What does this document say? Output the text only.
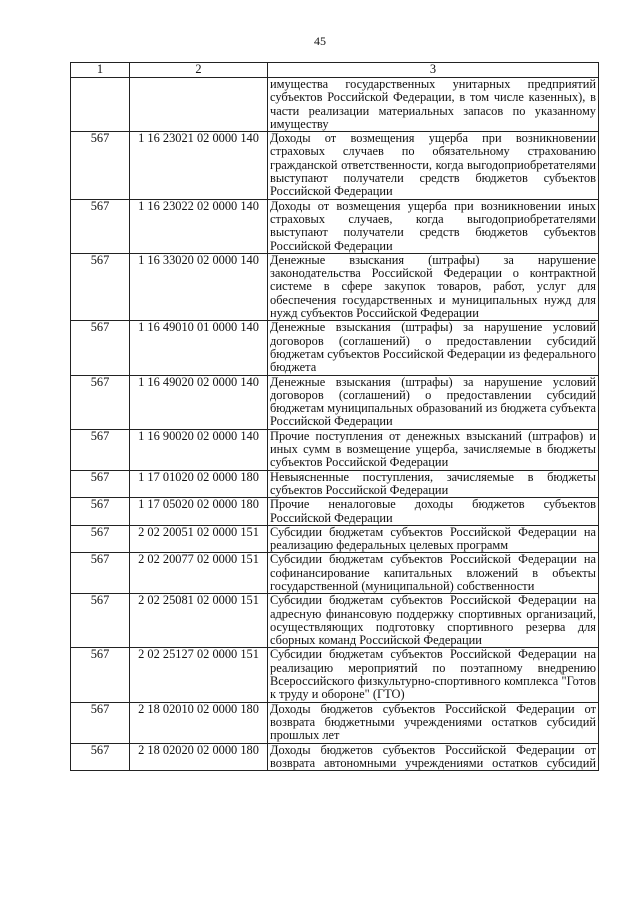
45
1	2	3
		имущества государственных унитарных предприятий субъектов Российской Федерации, в том числе казенных), в части реализации материальных запасов по указанному имуществу
567	1 16 23021 02 0000 140	Доходы от возмещения ущерба при возникновении страховых случаев по обязательному страхованию гражданской ответственности, когда выгодоприобретателями выступают получатели средств бюджетов субъектов Российской Федерации
567	1 16 23022 02 0000 140	Доходы от возмещения ущерба при возникновении иных страховых случаев, когда выгодоприобретателями выступают получатели средств бюджетов субъектов Российской Федерации
567	1 16 33020 02 0000 140	Денежные взыскания (штрафы) за нарушение законодательства Российской Федерации о контрактной системе в сфере закупок товаров, работ, услуг для обеспечения государственных и муниципальных нужд для нужд субъектов Российской Федерации
567	1 16 49010 01 0000 140	Денежные взыскания (штрафы) за нарушение условий договоров (соглашений) о предоставлении субсидий бюджетам субъектов Российской Федерации из федерального бюджета
567	1 16 49020 02 0000 140	Денежные взыскания (штрафы) за нарушение условий договоров (соглашений) о предоставлении субсидий бюджетам муниципальных образований из бюджета субъекта Российской Федерации
567	1 16 90020 02 0000 140	Прочие поступления от денежных взысканий (штрафов) и иных сумм в возмещение ущерба, зачисляемые в бюджеты субъектов Российской Федерации
567	1 17 01020 02 0000 180	Невыясненные поступления, зачисляемые в бюджеты субъектов Российской Федерации
567	1 17 05020 02 0000 180	Прочие неналоговые доходы бюджетов субъектов Российской Федерации
567	2 02 20051 02 0000 151	Субсидии бюджетам субъектов Российской Федерации на реализацию федеральных целевых программ
567	2 02 20077 02 0000 151	Субсидии бюджетам субъектов Российской Федерации на софинансирование капитальных вложений в объекты государственной (муниципальной) собственности
567	2 02 25081 02 0000 151	Субсидии бюджетам субъектов Российской Федерации на адресную финансовую поддержку спортивных организаций, осуществляющих подготовку спортивного резерва для сборных команд Российской Федерации
567	2 02 25127 02 0000 151	Субсидии бюджетам субъектов Российской Федерации на реализацию мероприятий по поэтапному внедрению Всероссийского физкультурно-спортивного комплекса "Готов к труду и обороне" (ГТО)
567	2 18 02010 02 0000 180	Доходы бюджетов субъектов Российской Федерации от возврата бюджетными учреждениями остатков субсидий прошлых лет
567	2 18 02020 02 0000 180	Доходы бюджетов субъектов Российской Федерации от возврата автономными учреждениями остатков субсидий
